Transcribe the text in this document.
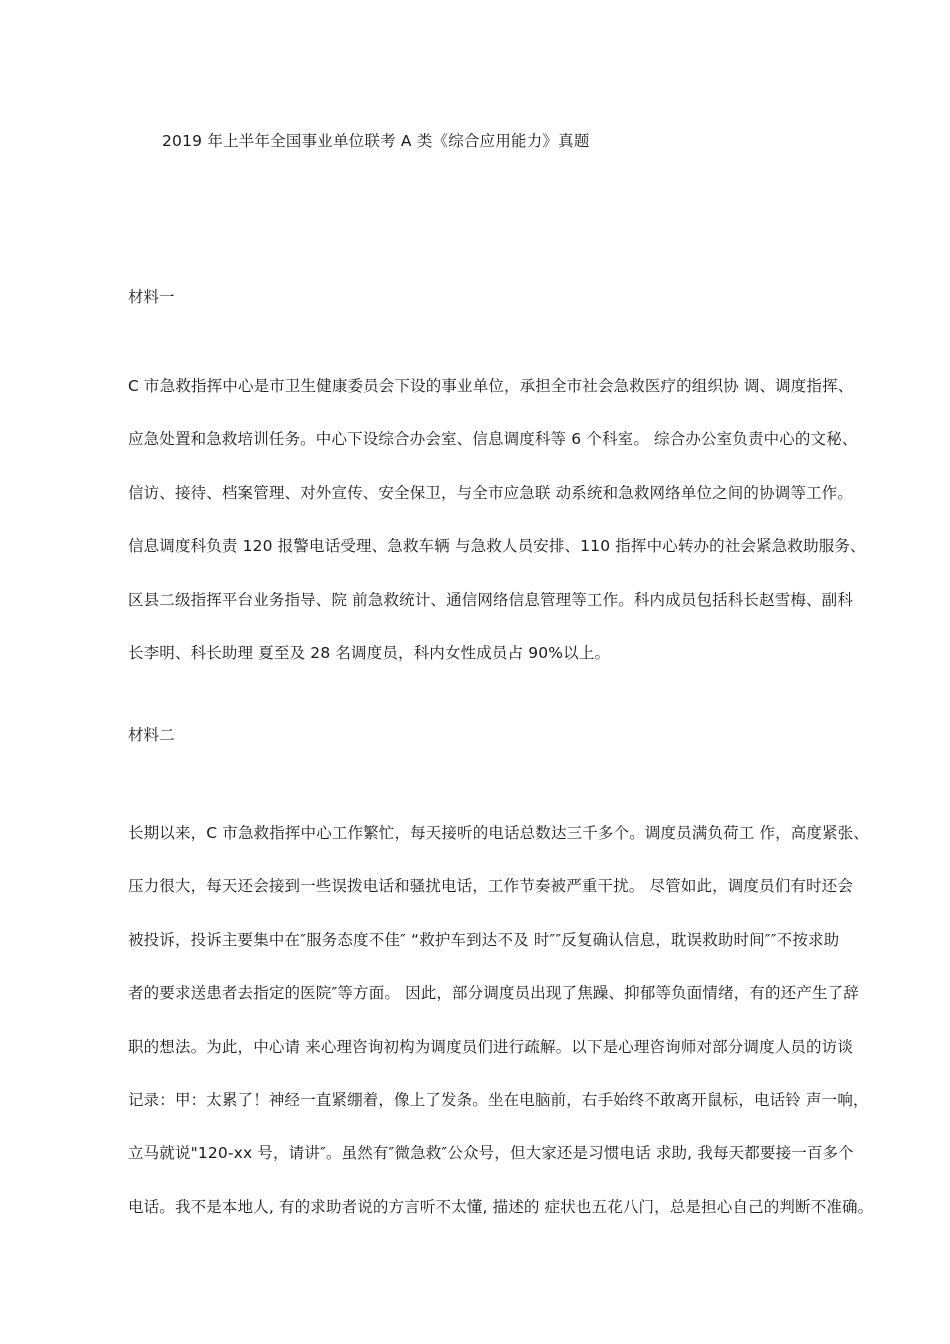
2019 年上半年全国事业单位联考 A 类《综合应用能力》真题
材料一
C 市急救指挥中心是市卫生健康委员会下设的事业单位，承担全市社会急救医疗的组织协 调、调度指挥、
应急处置和急救培训任务。中心下设综合办会室、信息调度科等 6 个科室。 综合办公室负责中心的文秘、
信访、接待、档案管理、对外宣传、安全保卫，与全市应急联 动系统和急救网络单位之间的协调等工作。
信息调度科负责 120 报警电话受理、急救车辆 与急救人员安排、110 指挥中心转办的社会紧急救助服务、
区县二级指挥平台业务指导、院 前急救统计、通信网络信息管理等工作。科内成员包括科长赵雪梅、副科
长李明、科长助理 夏至及 28 名调度员，科内女性成员占 90%以上。
材料二
长期以来，C 市急救指挥中心工作繁忙，每天接听的电话总数达三千多个。调度员满负荷工 作，高度紧张、
压力很大，每天还会接到一些误拨电话和骚扰电话，工作节奏被严重干扰。 尽管如此，调度员们有时还会
被投诉，投诉主要集中在″服务态度不佳″ “救护车到达不及 时″″反复确认信息，耽误救助时间″″不按求助
者的要求送患者去指定的医院″等方面。 因此，部分调度员出现了焦躁、抑郁等负面情绪，有的还产生了辞
职的想法。为此，中心请 来心理咨询初构为调度员们进行疏解。以下是心理咨询师对部分调度人员的访谈
记录：甲：太累了！神经一直紧绷着，像上了发条。坐在电脑前，右手始终不敢离开鼠标，电话铃 声一响，
立马就说"120-xx 号，请讲″。虽然有″微急救″公众号，但大家还是习惯电话 求助, 我每天都要接一百多个
电话。我不是本地人, 有的求助者说的方言听不太懂, 描述的 症状也五花八门，总是担心自己的判断不准确。
